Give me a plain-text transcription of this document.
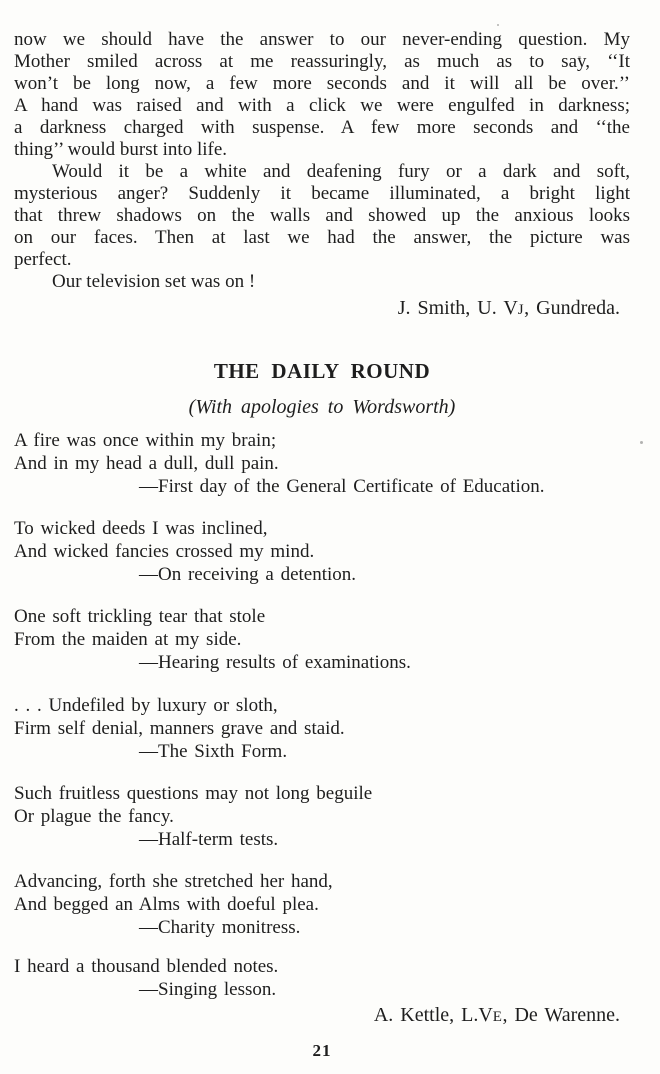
now we should have the answer to our never-ending question. My
Mother smiled across at me reassuringly, as much as to say, ‘‘It
won’t be long now, a few more seconds and it will all be over.’’
A hand was raised and with a click we were engulfed in darkness;
a darkness charged with suspense. A few more seconds and ‘‘the
thing’’ would burst into life.

Would it be a white and deafening fury or a dark and soft,
mysterious anger? Suddenly it became illuminated, a bright light
that threw shadows on the walls and showed up the anxious looks
on our faces. Then at last we had the answer, the picture was
perfect.

Our television set was on !

J. Smith, U. VJ, Gundreda.
THE DAILY ROUND
(With apologies to Wordsworth)
A fire was once within my brain;
And in my head a dull, dull pain.
—First day of the General Certificate of Education.
To wicked deeds I was inclined,
And wicked fancies crossed my mind.
—On receiving a detention.
One soft trickling tear that stole
From the maiden at my side.
—Hearing results of examinations.
. . . Undefiled by luxury or sloth,
Firm self denial, manners grave and staid.
—The Sixth Form.
Such fruitless questions may not long beguile
Or plague the fancy.
—Half-term tests.
Advancing, forth she stretched her hand,
And begged an Alms with doeful plea.
—Charity monitress.
I heard a thousand blended notes.
—Singing lesson.
A. Kettle, L.VE, De Warenne.
21
